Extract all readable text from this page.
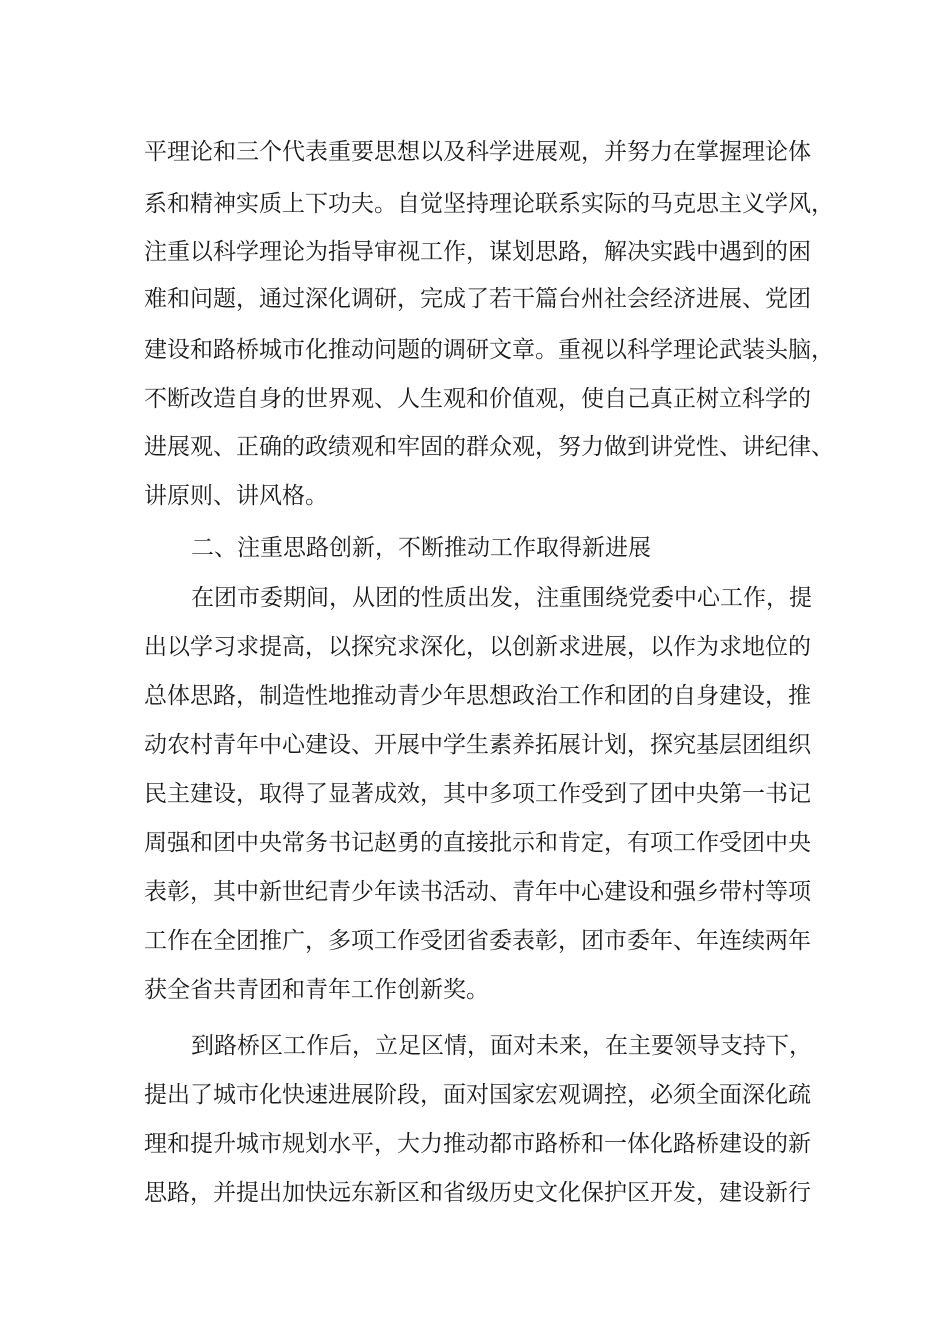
平理论和三个代表重要思想以及科学进展观，并努力在掌握理论体
系和精神实质上下功夫。自觉坚持理论联系实际的马克思主义学风，
注重以科学理论为指导审视工作，谋划思路，解决实践中遇到的困
难和问题，通过深化调研，完成了若干篇台州社会经济进展、党团
建设和路桥城市化推动问题的调研文章。重视以科学理论武装头脑，
不断改造自身的世界观、人生观和价值观，使自己真正树立科学的
进展观、正确的政绩观和牢固的群众观，努力做到讲党性、讲纪律、
讲原则、讲风格。
二、注重思路创新，不断推动工作取得新进展
在团市委期间，从团的性质出发，注重围绕党委中心工作，提
出以学习求提高，以探究求深化，以创新求进展，以作为求地位的
总体思路，制造性地推动青少年思想政治工作和团的自身建设，推
动农村青年中心建设、开展中学生素养拓展计划，探究基层团组织
民主建设，取得了显著成效，其中多项工作受到了团中央第一书记
周强和团中央常务书记赵勇的直接批示和肯定，有项工作受团中央
表彰，其中新世纪青少年读书活动、青年中心建设和强乡带村等项
工作在全团推广，多项工作受团省委表彰，团市委年、年连续两年
获全省共青团和青年工作创新奖。
到路桥区工作后，立足区情，面对未来，在主要领导支持下，
提出了城市化快速进展阶段，面对国家宏观调控，必须全面深化疏
理和提升城市规划水平，大力推动都市路桥和一体化路桥建设的新
思路，并提出加快远东新区和省级历史文化保护区开发，建设新行
